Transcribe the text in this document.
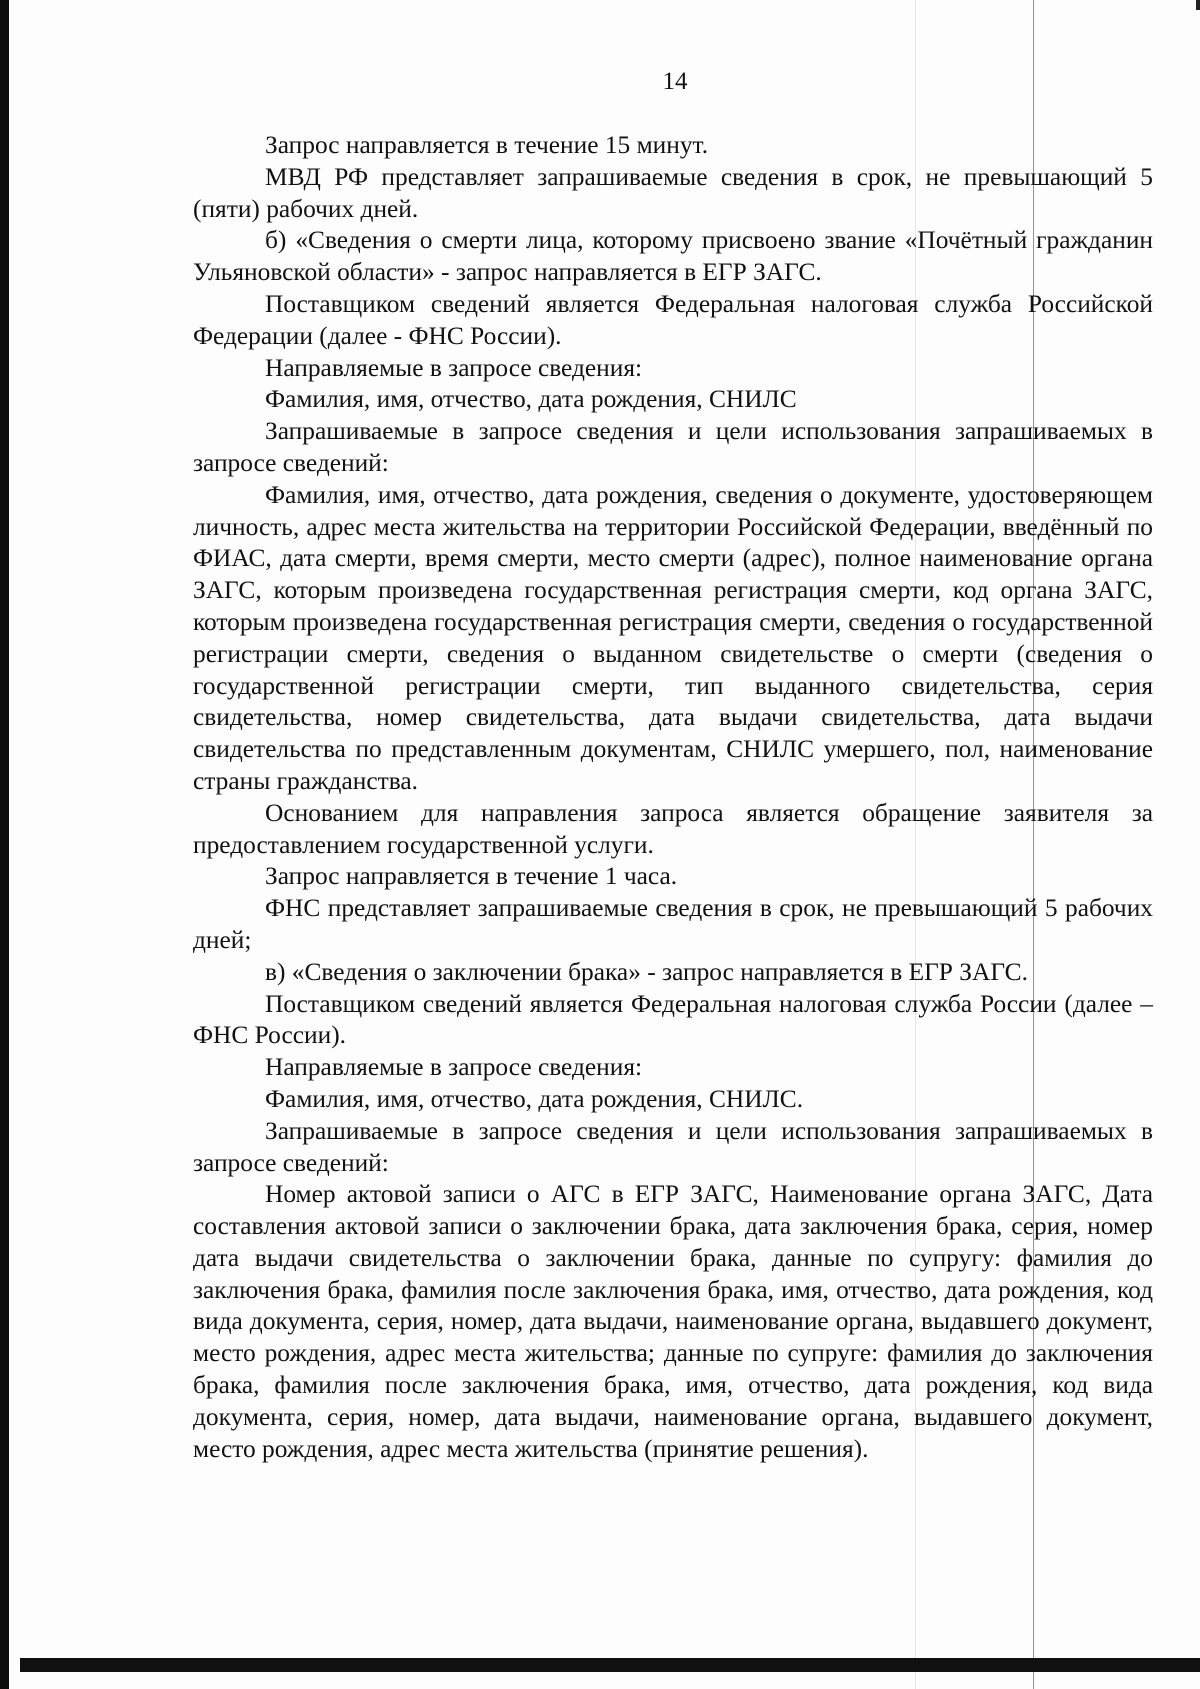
14

Запрос направляется в течение 15 минут.

МВД РФ представляет запрашиваемые сведения в срок, не превышающий 5 (пяти) рабочих дней.

б) «Сведения о смерти лица, которому присвоено звание «Почётный гражданин Ульяновской области» - запрос направляется в ЕГР ЗАГС.

Поставщиком сведений является Федеральная налоговая служба Российской Федерации (далее - ФНС России).

Направляемые в запросе сведения:

Фамилия, имя, отчество, дата рождения, СНИЛС

Запрашиваемые в запросе сведения и цели использования запрашиваемых в запросе сведений:

Фамилия, имя, отчество, дата рождения, сведения о документе, удостоверяющем личность, адрес места жительства на территории Российской Федерации, введённый по ФИАС, дата смерти, время смерти, место смерти (адрес), полное наименование органа ЗАГС, которым произведена государственная регистрация смерти, код органа ЗАГС, которым произведена государственная регистрация смерти, сведения о государственной регистрации смерти, сведения о выданном свидетельстве о смерти (сведения о государственной регистрации смерти, тип выданного свидетельства, серия свидетельства, номер свидетельства, дата выдачи свидетельства, дата выдачи свидетельства по представленным документам, СНИЛС умершего, пол, наименование страны гражданства.

Основанием для направления запроса является обращение заявителя за предоставлением государственной услуги.

Запрос направляется в течение 1 часа.

ФНС представляет запрашиваемые сведения в срок, не превышающий 5 рабочих дней;

в) «Сведения о заключении брака» - запрос направляется в ЕГР ЗАГС.

Поставщиком сведений является Федеральная налоговая служба России (далее – ФНС России).

Направляемые в запросе сведения:

Фамилия, имя, отчество, дата рождения, СНИЛС.

Запрашиваемые в запросе сведения и цели использования запрашиваемых в запросе сведений:

Номер актовой записи о АГС в ЕГР ЗАГС, Наименование органа ЗАГС, Дата составления актовой записи о заключении брака, дата заключения брака, серия, номер дата выдачи свидетельства о заключении брака, данные по супругу: фамилия до заключения брака, фамилия после заключения брака, имя, отчество, дата рождения, код вида документа, серия, номер, дата выдачи, наименование органа, выдавшего документ, место рождения, адрес места жительства; данные по супруге: фамилия до заключения брака, фамилия после заключения брака, имя, отчество, дата рождения, код вида документа, серия, номер, дата выдачи, наименование органа, выдавшего документ, место рождения, адрес места жительства (принятие решения).
